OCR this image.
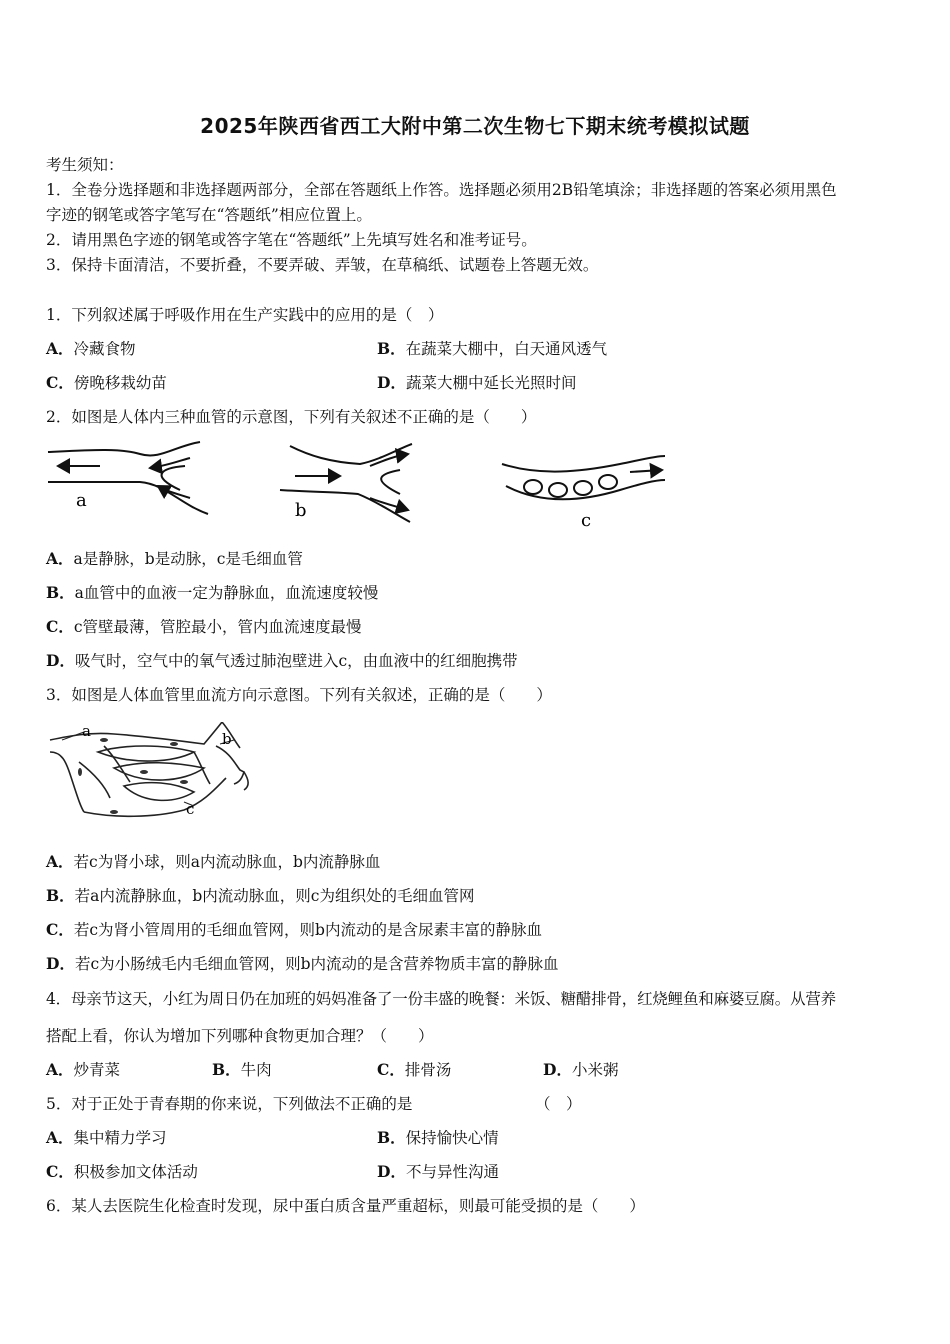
2025年陕西省西工大附中第二次生物七下期末统考模拟试题
考生须知：
1．全卷分选择题和非选择题两部分，全部在答题纸上作答。选择题必须用2B铅笔填涂；非选择题的答案必须用黑色
字迹的钢笔或答字笔写在“答题纸”相应位置上。
2．请用黑色字迹的钢笔或答字笔在“答题纸”上先填写姓名和准考证号。
3．保持卡面清洁，不要折叠，不要弄破、弄皱，在草稿纸、试题卷上答题无效。
1．下列叙述属于呼吸作用在生产实践中的应用的是（　）
A．冷藏食物	B．在蔬菜大棚中，白天通风透气
C．傍晚移栽幼苗	D．蔬菜大棚中延长光照时间
2．如图是人体内三种血管的示意图，下列有关叙述不正确的是（　　）
a	b	c
A．a是静脉，b是动脉，c是毛细血管
B．a血管中的血液一定为静脉血，血流速度较慢
C．c管壁最薄，管腔最小，管内血流速度最慢
D．吸气时，空气中的氧气透过肺泡壁进入c，由血液中的红细胞携带
3．如图是人体血管里血流方向示意图。下列有关叙述，正确的是（　　）
a	b
c
A．若c为肾小球，则a内流动脉血，b内流静脉血
B．若a内流静脉血，b内流动脉血，则c为组织处的毛细血管网
C．若c为肾小管周用的毛细血管网，则b内流动的是含尿素丰富的静脉血
D．若c为小肠绒毛内毛细血管网，则b内流动的是含营养物质丰富的静脉血
4．母亲节这天，小红为周日仍在加班的妈妈准备了一份丰盛的晚餐：米饭、糖醋排骨，红烧鲤鱼和麻婆豆腐。从营养
搭配上看，你认为增加下列哪种食物更加合理？（　　）
A．炒青菜	B．牛肉	C．排骨汤	D．小米粥
5．对于正处于青春期的你来说，下列做法不正确的是	（　）
A．集中精力学习	B．保持愉快心情
C．积极参加文体活动	D．不与异性沟通
6．某人去医院生化检查时发现，尿中蛋白质含量严重超标，则最可能受损的是（　　）
